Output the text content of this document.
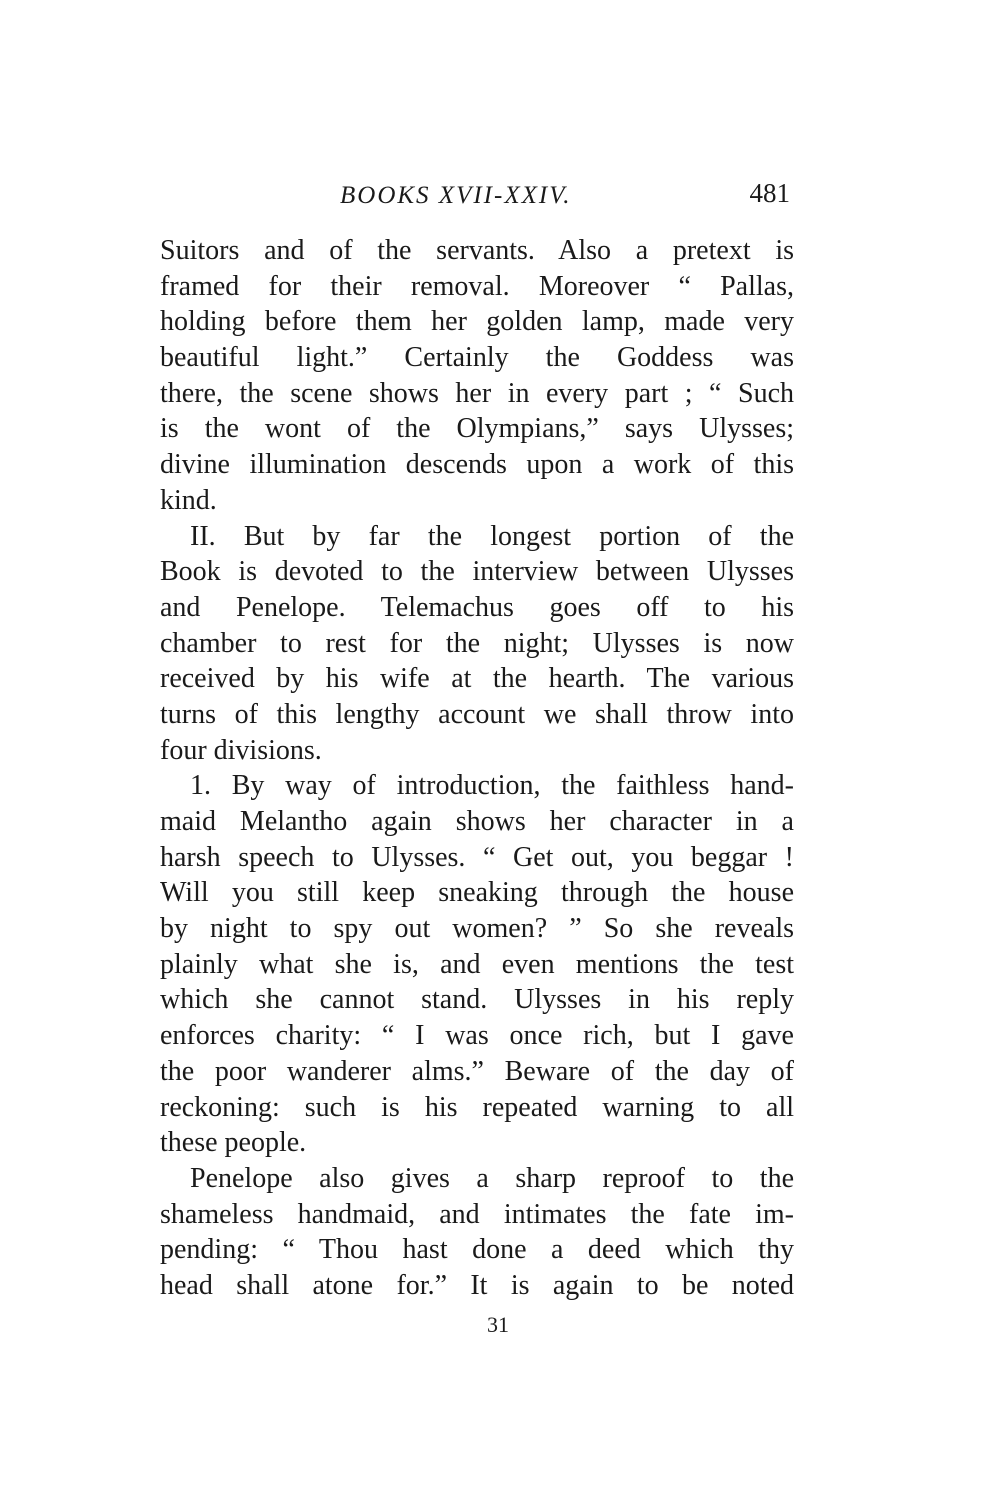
BOOKS XVII-XXIV.	481
Suitors and of the servants. Also a pretext is
framed for their removal. Moreover “ Pallas,
holding before them her golden lamp, made very
beautiful light.” Certainly the Goddess was
there, the scene shows her in every part ; “ Such
is the wont of the Olympians,” says Ulysses;
divine illumination descends upon a work of this
kind.
II. But by far the longest portion of the
Book is devoted to the interview between Ulysses
and Penelope. Telemachus goes off to his
chamber to rest for the night; Ulysses is now
received by his wife at the hearth. The various
turns of this lengthy account we shall throw into
four divisions.
1. By way of introduction, the faithless hand-
maid Melantho again shows her character in a
harsh speech to Ulysses. “ Get out, you beggar !
Will you still keep sneaking through the house
by night to spy out women? ” So she reveals
plainly what she is, and even mentions the test
which she cannot stand. Ulysses in his reply
enforces charity: “ I was once rich, but I gave
the poor wanderer alms.” Beware of the day of
reckoning: such is his repeated warning to all
these people.
Penelope also gives a sharp reproof to the
shameless handmaid, and intimates the fate im-
pending: “ Thou hast done a deed which thy
head shall atone for.” It is again to be noted
31
